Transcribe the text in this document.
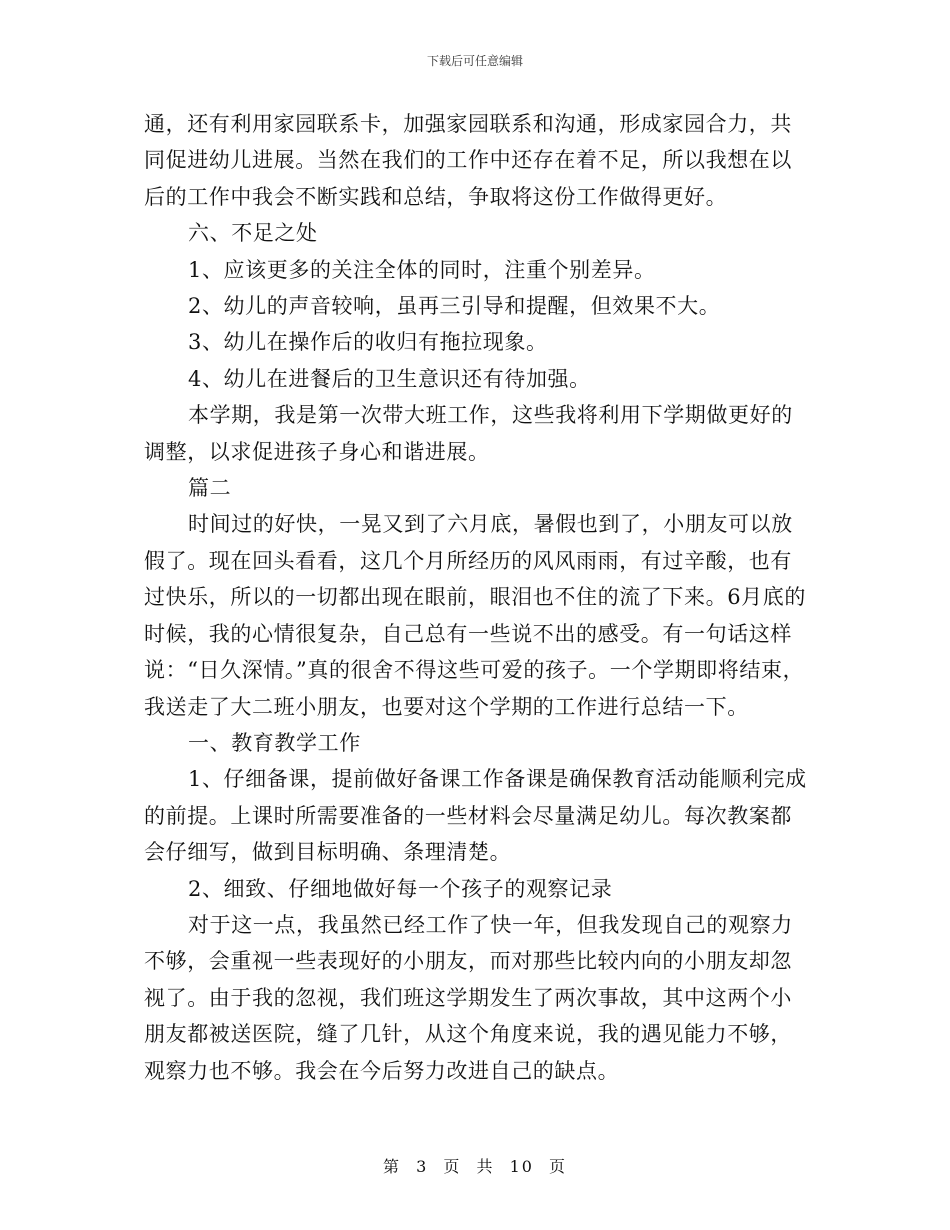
下载后可任意编辑

通，还有利用家园联系卡，加强家园联系和沟通，形成家园合力，共同促进幼儿进展。当然在我们的工作中还存在着不足，所以我想在以后的工作中我会不断实践和总结，争取将这份工作做得更好。

六、不足之处

1、应该更多的关注全体的同时，注重个别差异。

2、幼儿的声音较响，虽再三引导和提醒，但效果不大。

3、幼儿在操作后的收归有拖拉现象。

4、幼儿在进餐后的卫生意识还有待加强。

本学期，我是第一次带大班工作，这些我将利用下学期做更好的调整，以求促进孩子身心和谐进展。

篇二

时间过的好快，一晃又到了六月底，暑假也到了，小朋友可以放假了。现在回头看看，这几个月所经历的风风雨雨，有过辛酸，也有过快乐，所以的一切都出现在眼前，眼泪也不住的流了下来。6月底的时候，我的心情很复杂，自己总有一些说不出的感受。有一句话这样说：“日久深情。”真的很舍不得这些可爱的孩子。一个学期即将结束，我送走了大二班小朋友，也要对这个学期的工作进行总结一下。

一、教育教学工作

1、仔细备课，提前做好备课工作备课是确保教育活动能顺利完成的前提。上课时所需要准备的一些材料会尽量满足幼儿。每次教案都会仔细写，做到目标明确、条理清楚。

2、细致、仔细地做好每一个孩子的观察记录

对于这一点，我虽然已经工作了快一年，但我发现自己的观察力不够，会重视一些表现好的小朋友，而对那些比较内向的小朋友却忽视了。由于我的忽视，我们班这学期发生了两次事故，其中这两个小朋友都被送医院，缝了几针，从这个角度来说，我的遇见能力不够，观察力也不够。我会在今后努力改进自己的缺点。

第 3 页 共 10 页
